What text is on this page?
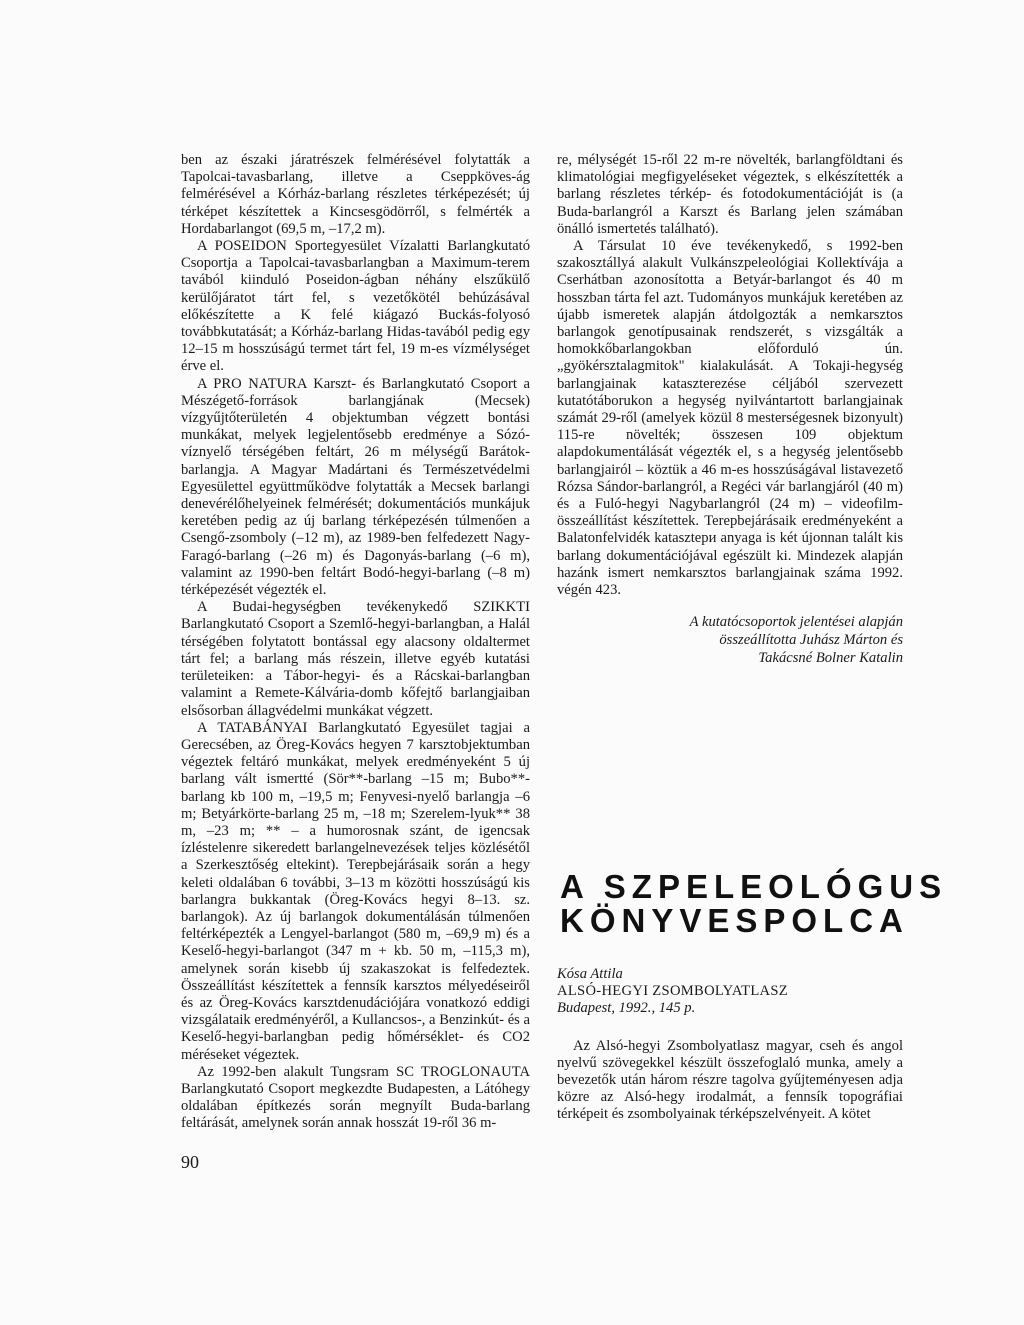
ben az északi járatrészek felmérésével folytatták a Tapolcai-tavasbarlang, illetve a Cseppköves-ág felmérésével a Kórház-barlang részletes térképezését; új térképet készítettek a Kincsesgödörről, s felmérték a Hordabarlangot (69,5 m, –17,2 m).

A POSEIDON Sportegyesület Vízalatti Barlangkutató Csoportja a Tapolcai-tavasbarlangban a Maximum-terem tavából kiinduló Poseidon-ágban néhány elszűkülő kerülőjáratot tárt fel, s vezetőkötél behúzásával előkészítette a K felé kiágazó Buckás-folyosó továbbkutatását; a Kórház-barlang Hidas-tavából pedig egy 12–15 m hosszúságú termet tárt fel, 19 m-es vízmélységet érve el.

A PRO NATURA Karszt- és Barlangkutató Csoport a Mészégető-források barlangjának (Mecsek) vízgyűjtőterületén 4 objektumban végzett bontási munkákat, melyek legjelentősebb eredménye a Sózó-víznyelő térségében feltárt, 26 m mélységű Barátok-barlangja. A Magyar Madártani és Természetvédelmi Egyesülettel együttműködve folytatták a Mecsek barlangi denevérélőhelyeinek felmérését; dokumentációs munkájuk keretében pedig az új barlang térképezésén túlmenően a Csengő-zsomboly (–12 m), az 1989-ben felfedezett Nagy-Faragó-barlang (–26 m) és Dagonyás-barlang (–6 m), valamint az 1990-ben feltárt Bodó-hegyi-barlang (–8 m) térképezését végezték el.

A Budai-hegységben tevékenykedő SZIKKTI Barlangkutató Csoport a Szemlő-hegyi-barlangban, a Halál térségében folytatott bontással egy alacsony oldaltermet tárt fel; a barlang más részein, illetve egyéb kutatási területeiken: a Tábor-hegyi- és a Rácskai-barlangban valamint a Remete-Kálvária-domb kőfejtő barlangjaiban elsősorban állagvédelmi munkákat végzett.

A TATABÁNYAI Barlangkutató Egyesület tagjai a Gerecsében, az Öreg-Kovács hegyen 7 karsztobjektumban végeztek feltáró munkákat, melyek eredményeként 5 új barlang vált ismertté (Sör**-barlang –15 m; Bubo**-barlang kb 100 m, –19,5 m; Fenyvesi-nyelő barlangja –6 m; Betyárkörte-barlang 25 m, –18 m; Szerelem-lyuk** 38 m, –23 m; ** – a humorosnak szánt, de igencsak ízléstelenre sikeredett barlangelnevezések teljes közlésétől a Szerkesztőség eltekint). Terepbejárásaik során a hegy keleti oldalában 6 további, 3–13 m közötti hosszúságú kis barlangra bukkantak (Öreg-Kovács hegyi 8–13. sz. barlangok). Az új barlangok dokumentálásán túlmenően feltérképezték a Lengyel-barlangot (580 m, –69,9 m) és a Keselő-hegyi-barlangot (347 m + kb. 50 m, –115,3 m), amelynek során kisebb új szakaszokat is felfedeztek. Összeállítást készítettek a fennsík karsztos mélyedéseiről és az Öreg-Kovács karsztdenudációjára vonatkozó eddigi vizsgálataik eredményéről, a Kullancsos-, a Benzinkút- és a Keselő-hegyi-barlangban pedig hőmérséklet- és CO2 méréseket végeztek.

Az 1992-ben alakult Tungsram SC TROGLONAUTA Barlangkutató Csoport megkezdte Budapesten, a Látóhegy oldalában építkezés során megnyílt Buda-barlang feltárását, amelynek során annak hosszát 19-ről 36 m-

re, mélységét 15-ről 22 m-re növelték, barlangföldtani és klimatológiai megfigyeléseket végeztek, s elkészítették a barlang részletes térkép- és fotodokumentációját is (a Buda-barlangról a Karszt és Barlang jelen számában önálló ismertetés található).

A Társulat 10 éve tevékenykedő, s 1992-ben szakosztállyá alakult Vulkánszpeleológiai Kollektívája a Cserhátban azonosította a Betyár-barlangot és 40 m hosszban tárta fel azt. Tudományos munkájuk keretében az újabb ismeretek alapján átdolgozták a nemkarsztos barlangok genotípusainak rendszerét, s vizsgálták a homokkőbarlangokban előforduló ún. „gyökérsztalagmitok" kialakulását. A Tokaji-hegység barlangjainak kataszterezése céljából szervezett kutatótáborukon a hegység nyilvántartott barlangjainak számát 29-ről (amelyek közül 8 mesterségesnek bizonyult) 115-re növelték; összesen 109 objektum alapdokumentálását végezték el, s a hegység jelentősebb barlangjairól – köztük a 46 m-es hosszúságával listavezető Rózsa Sándor-barlangról, a Regéci vár barlangjáról (40 m) és a Fuló-hegyi Nagybarlangról (24 m) – videofilm-összeállítást készítettek. Terepbejárásaik eredményeként a Balatonfelvidék katasztери anyaga is két újonnan talált kis barlang dokumentációjával egészült ki. Mindezek alapján hazánk ismert nemkarsztos barlangjainak száma 1992. végén 423.

A kutatócsoportok jelentései alapján
összeállította Juhász Márton és
Takácsné Bolner Katalin
A SZPELEOLÓGUS
KÖNYVESPOLCA
Kósa Attila
ALSÓ-HEGYI ZSOMBOLYATLASZ
Budapest, 1992., 145 p.

Az Alsó-hegyi Zsombolyatlasz magyar, cseh és angol nyelvű szövegekkel készült összefoglaló munka, amely a bevezetők után három részre tagolva gyűjteményesen adja közre az Alsó-hegy irodalmát, a fennsík topográfiai térképeit és zsombolyainak térképszelvényeit. A kötet

90
